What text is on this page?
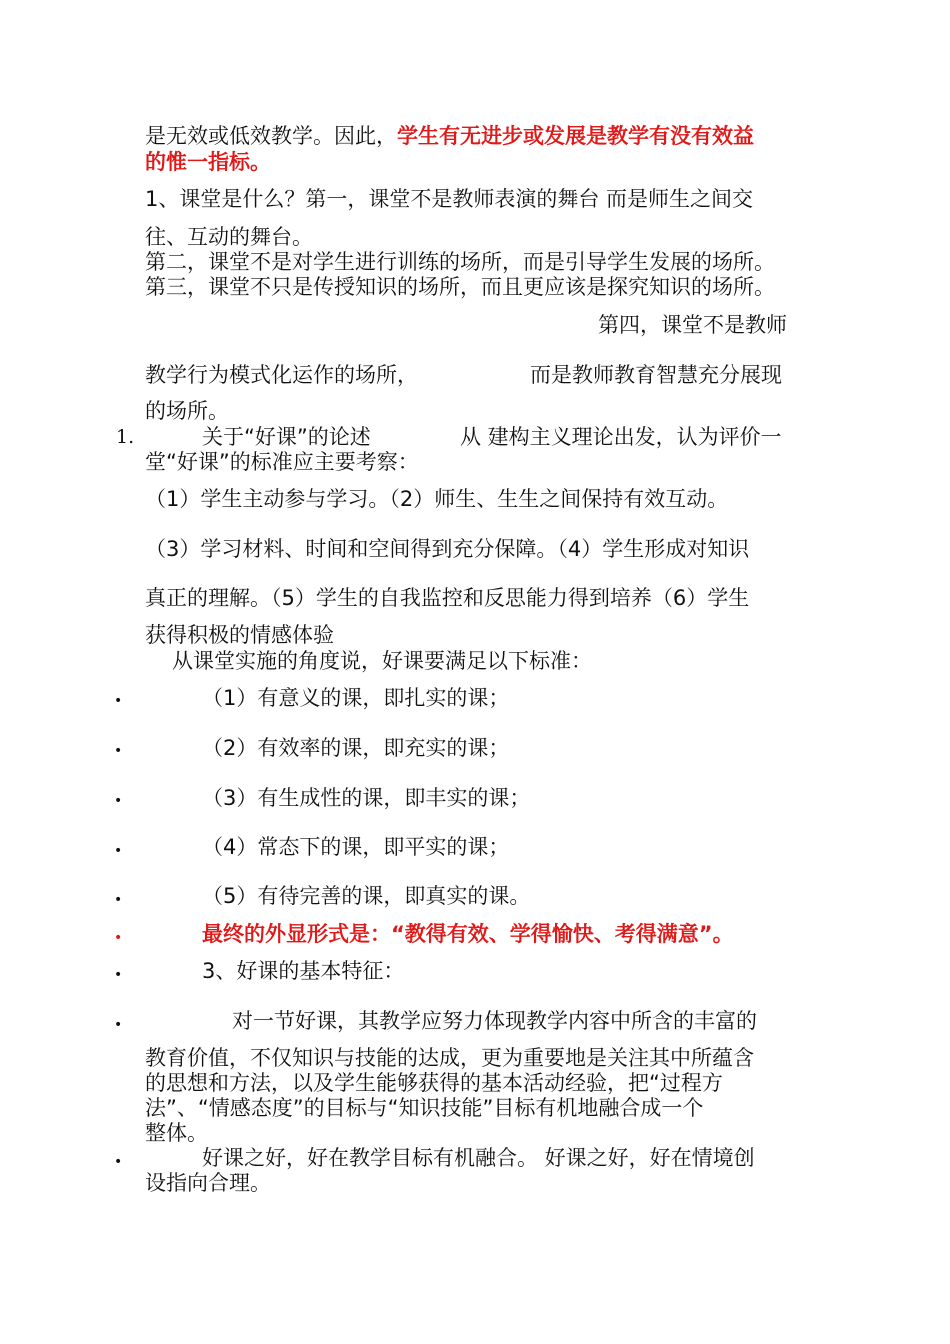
是无效或低效教学。因此，学生有无进步或发展是教学有没有效益
的惟一指标。
1、课堂是什么？第一，课堂不是教师表演的舞台 而是师生之间交
往、互动的舞台。
第二，课堂不是对学生进行训练的场所，而是引导学生发展的场所。
第三，课堂不只是传授知识的场所，而且更应该是探究知识的场所。
第四，课堂不是教师
教学行为模式化运作的场所，	而是教师教育智慧充分展现
的场所。
1.	关于“好课”的论述	从 建构主义理论出发，认为评价一
堂“好课”的标准应主要考察：
（1）学生主动参与学习。（2）师生、生生之间保持有效互动。
（3）学习材料、时间和空间得到充分保障。（4）学生形成对知识
真正的理解。（5）学生的自我监控和反思能力得到培养（6）学生
获得积极的情感体验
从课堂实施的角度说，好课要满足以下标准：
•	（1）有意义的课，即扎实的课；
•	（2）有效率的课，即充实的课；
•	（3）有生成性的课，即丰实的课；
•	（4）常态下的课，即平实的课；
•	（5）有待完善的课，即真实的课。
•	最终的外显形式是：“教得有效、学得愉快、考得满意”。
•	3、好课的基本特征：
•	对一节好课，其教学应努力体现教学内容中所含的丰富的
教育价值，不仅知识与技能的达成，更为重要地是关注其中所蕴含
的思想和方法，以及学生能够获得的基本活动经验，把“过程方
法”、“情感态度”的目标与“知识技能”目标有机地融合成一个
整体。
•	好课之好，好在教学目标有机融合。 好课之好，好在情境创
设指向合理。
